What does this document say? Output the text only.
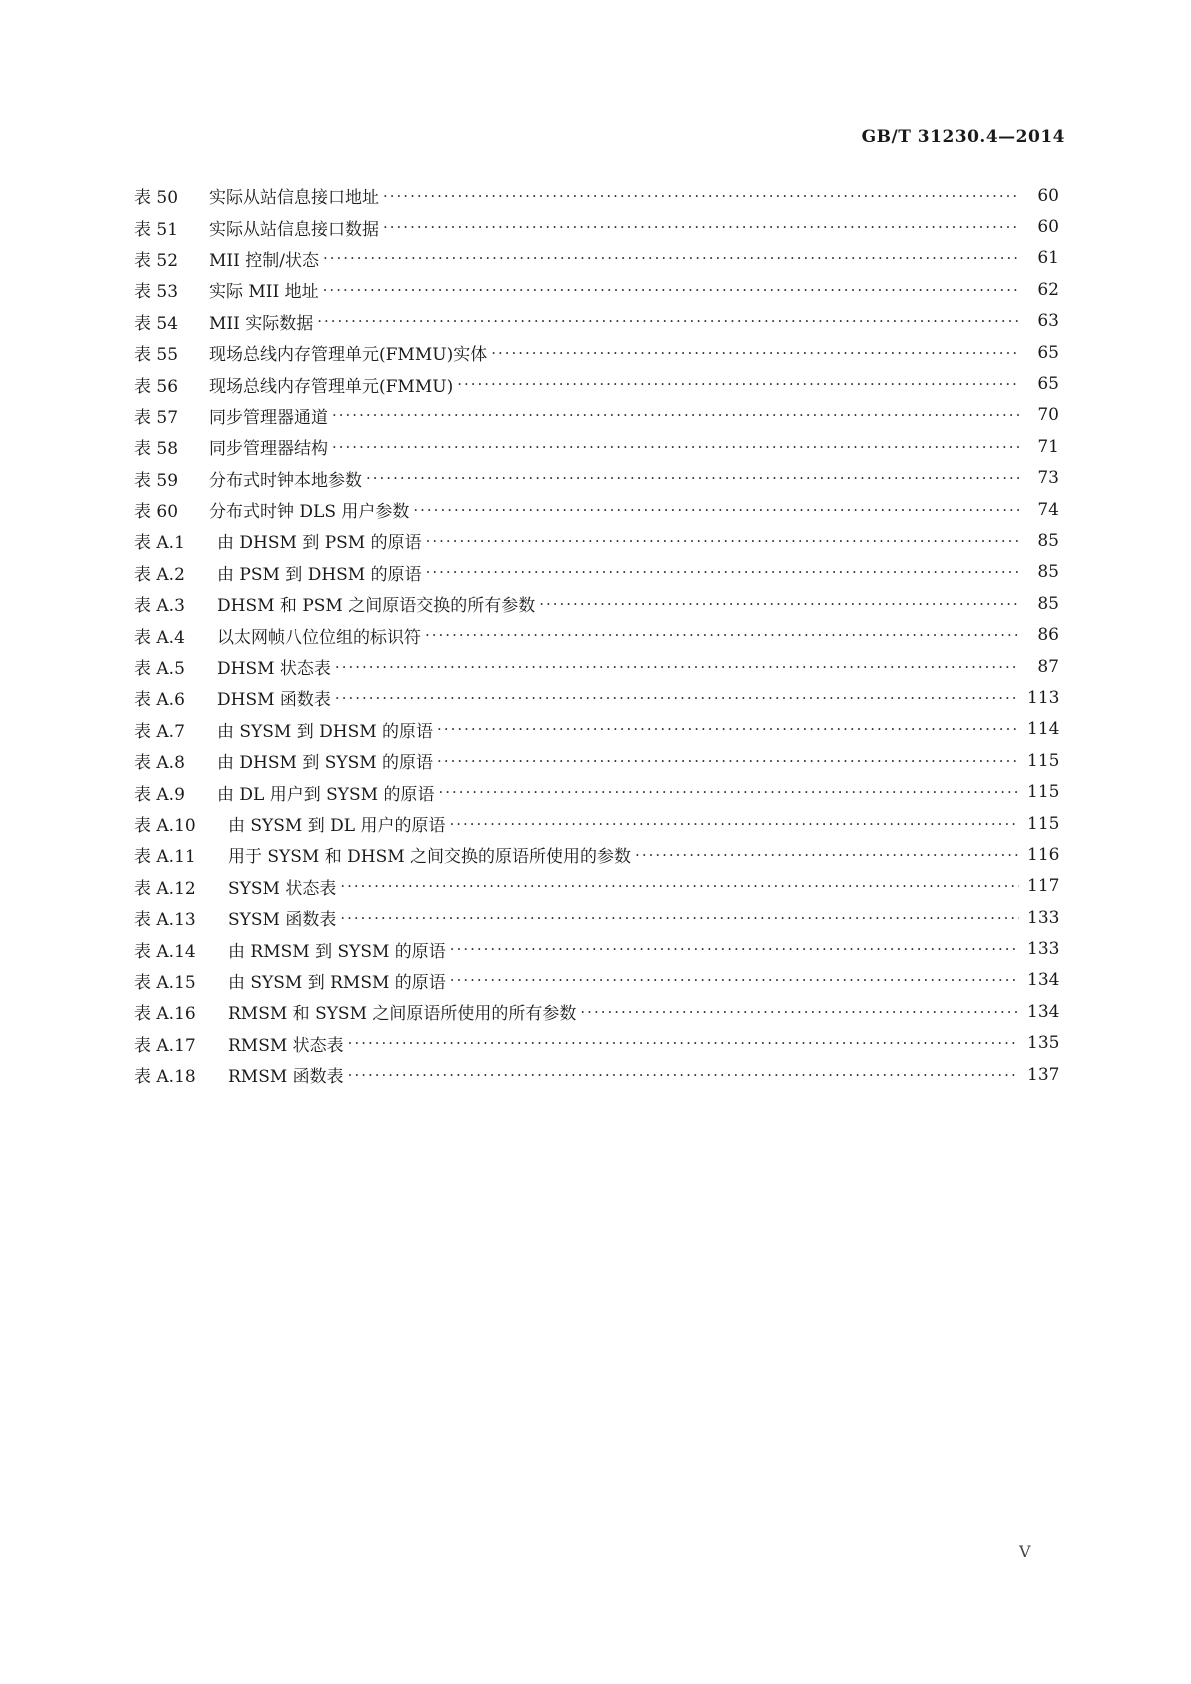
GB/T 31230.4—2014
表 50	实际从站信息接口地址 ·····	60
表 51	实际从站信息接口数据 ·····	60
表 52	MII 控制/状态 ·····	61
表 53	实际 MII 地址 ·····	62
表 54	MII 实际数据 ·····	63
表 55	现场总线内存管理单元(FMMU)实体 ·····	65
表 56	现场总线内存管理单元(FMMU) ·····	65
表 57	同步管理器通道 ·····	70
表 58	同步管理器结构 ·····	71
表 59	分布式时钟本地参数 ·····	73
表 60	分布式时钟 DLS 用户参数 ·····	74
表 A.1	由 DHSM 到 PSM 的原语 ·····	85
表 A.2	由 PSM 到 DHSM 的原语 ·····	85
表 A.3	DHSM 和 PSM 之间原语交换的所有参数 ·····	85
表 A.4	以太网帧八位位组的标识符 ·····	86
表 A.5	DHSM 状态表 ·····	87
表 A.6	DHSM 函数表 ·····	113
表 A.7	由 SYSM 到 DHSM 的原语 ·····	114
表 A.8	由 DHSM 到 SYSM 的原语 ·····	115
表 A.9	由 DL 用户到 SYSM 的原语 ·····	115
表 A.10	由 SYSM 到 DL 用户的原语 ·····	115
表 A.11	用于 SYSM 和 DHSM 之间交换的原语所使用的参数 ·····	116
表 A.12	SYSM 状态表 ·····	117
表 A.13	SYSM 函数表 ·····	133
表 A.14	由 RMSM 到 SYSM 的原语 ·····	133
表 A.15	由 SYSM 到 RMSM 的原语 ·····	134
表 A.16	RMSM 和 SYSM 之间原语所使用的所有参数 ·····	134
表 A.17	RMSM 状态表 ·····	135
表 A.18	RMSM 函数表 ·····	137
V
